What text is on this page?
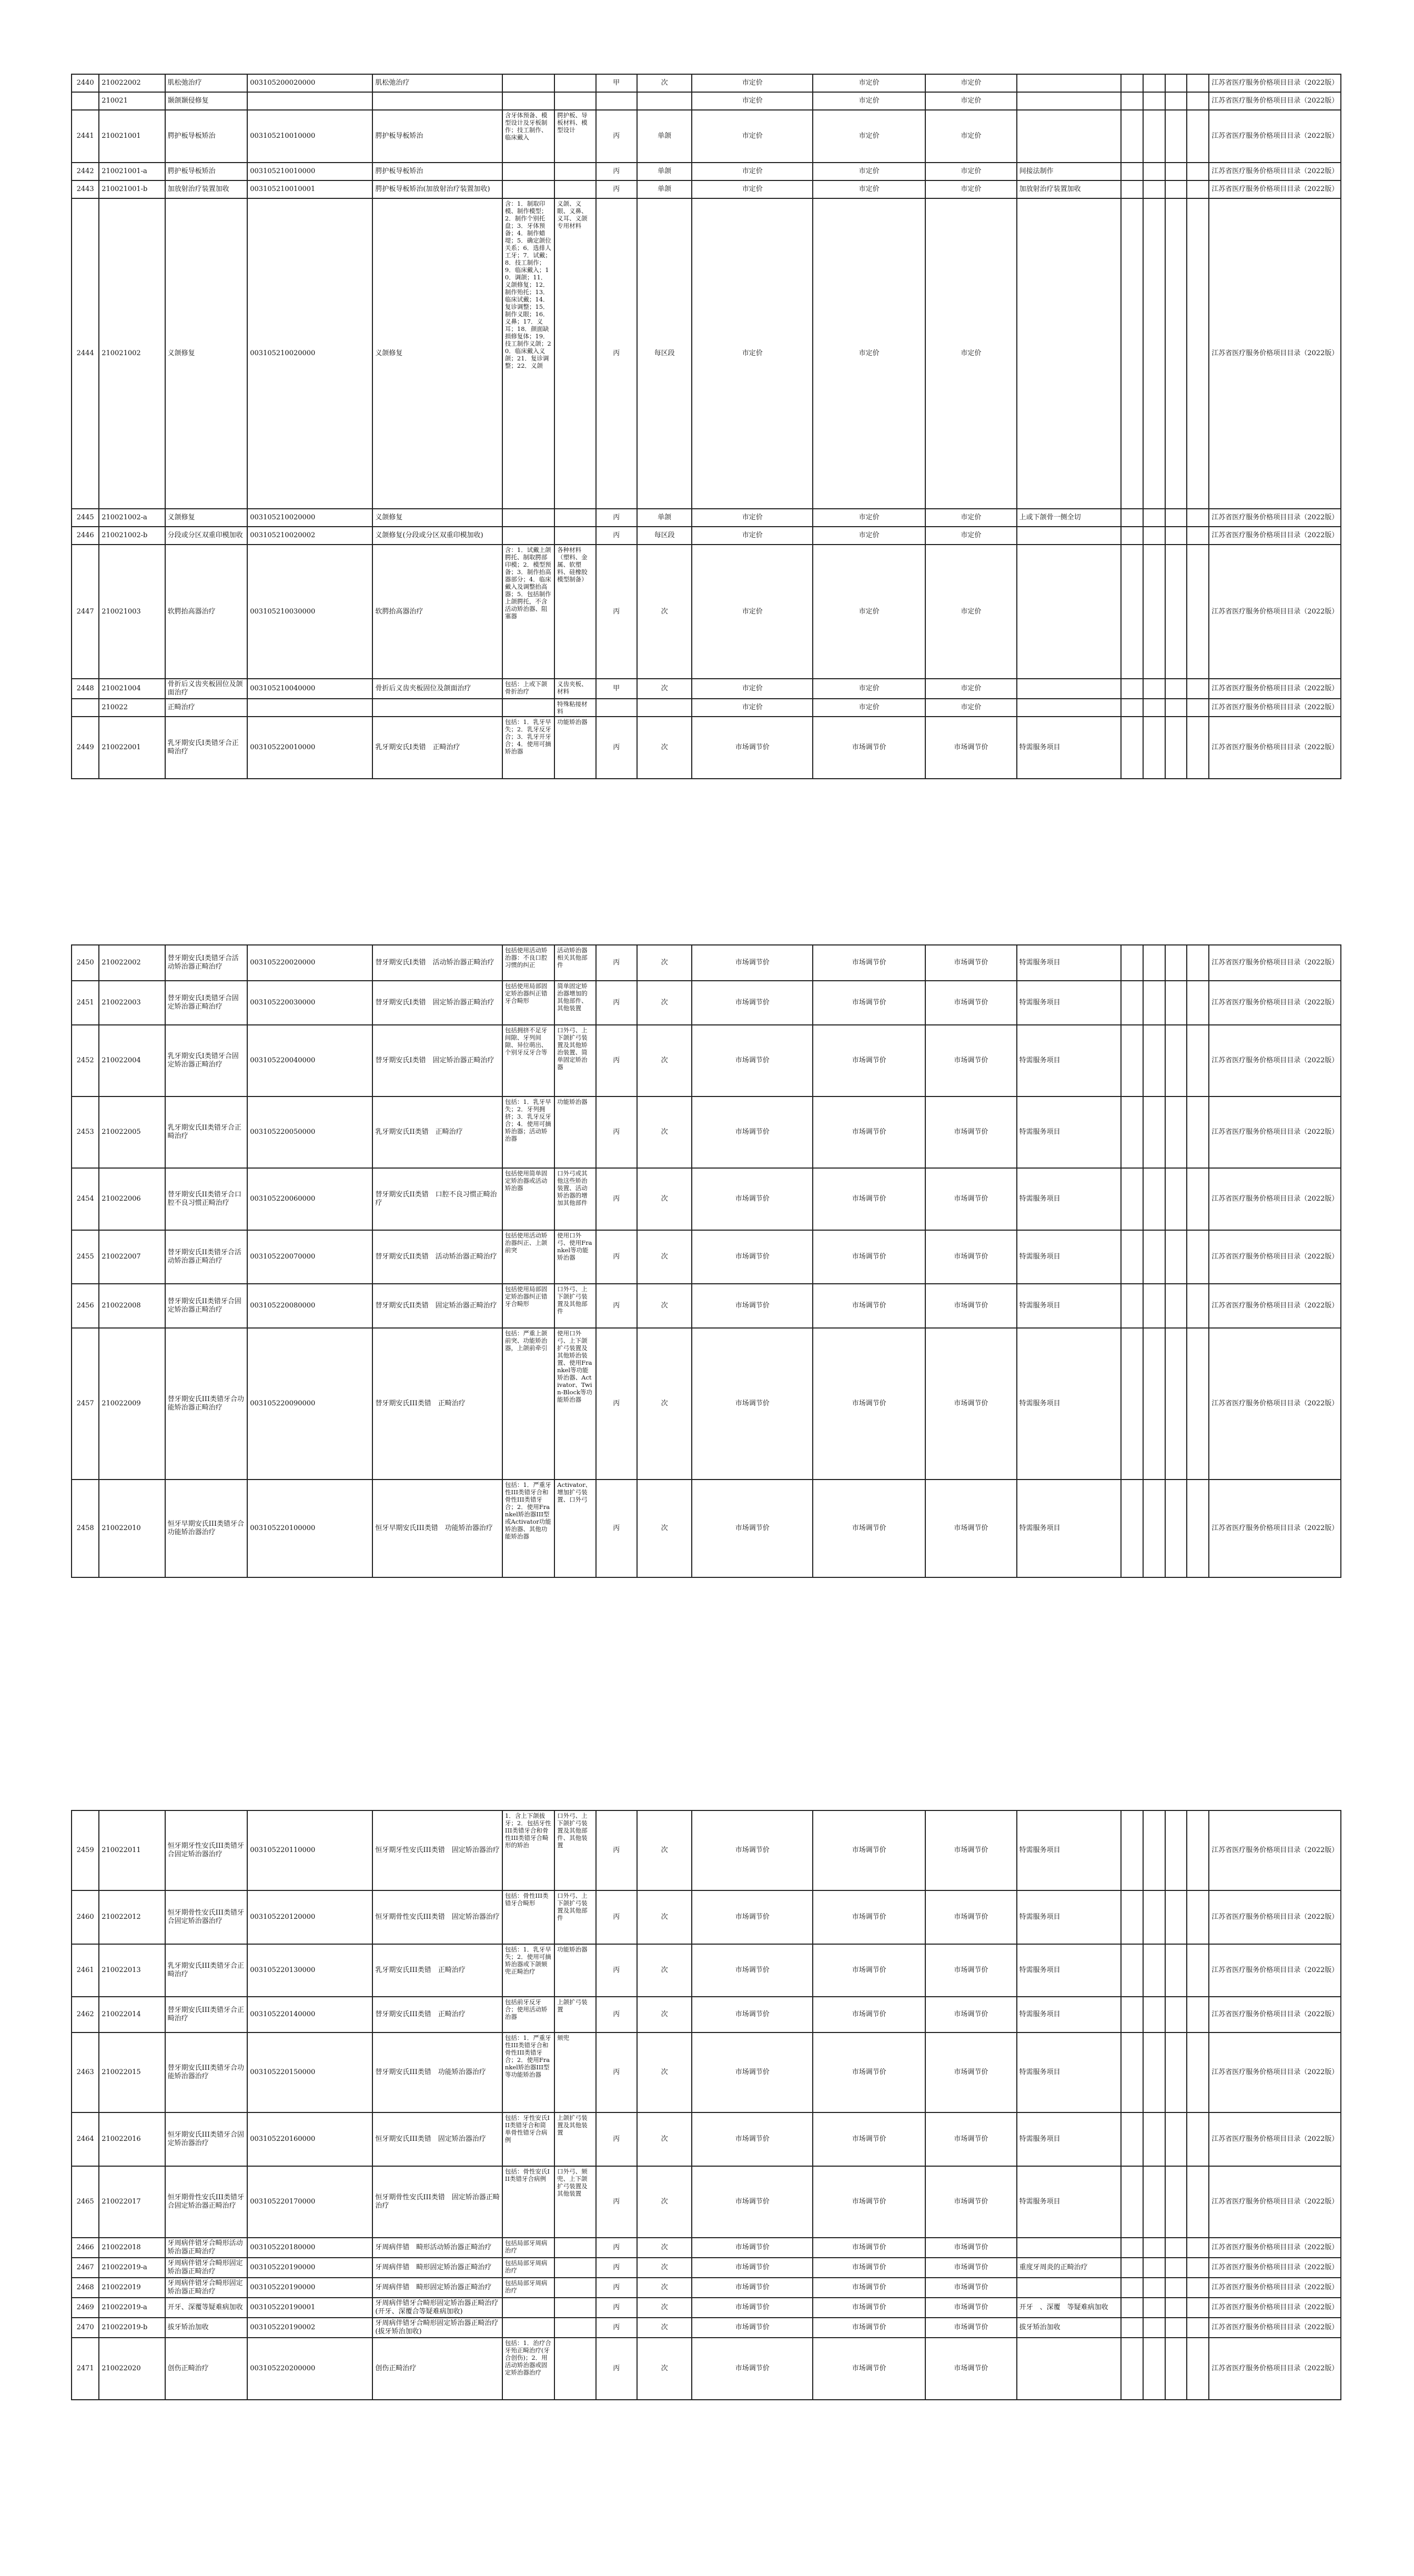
2440	210022002	肌松弛治疗	003105200020000	肌松弛治疗			甲	次	市定价	市定价	市定价						江苏省医疗服务价格项目目录（2022版）
	210021	颞颌颞侵修复							市定价	市定价	市定价						江苏省医疗服务价格项目目录（2022版）
2441	210021001	腭护板导板矫治	003105210010000	腭护板导板矫治	含牙体预备、模型设计及牙板制作；技工制作、临床戴入	腭护板、导板材料、模型设计	丙	单颌	市定价	市定价	市定价						江苏省医疗服务价格项目目录（2022版）
2442	210021001-a	腭护板导板矫治	003105210010000	腭护板导板矫治			丙	单颌	市定价	市定价	市定价	间接法制作					江苏省医疗服务价格项目目录（2022版）
2443	210021001-b	加放射治疗装置加收	003105210010001	腭护板导板矫治(加放射治疗装置加收)			丙	单颌	市定价	市定价	市定价	加放射治疗装置加收					江苏省医疗服务价格项目目录（2022版）
2444	210021002	义颌修复	003105210020000	义颌修复	含：1．制取印模、制作模型；2．制作个别托盘；3．牙体预备；4．制作蜡堤；5．确定颌位关系；6．选排人工牙；7．试戴；8．技工制作；9．临床戴入；10．调颌；11．义颌修复；12．制作殆托；13．临床试戴；14．复诊调整；15．制作义眼；16．义鼻；17．义耳；18．颜面缺损修复体；19．技工制作义颌；20．临床戴入义颌；21．复诊调整；22．义颌	义颌、义眼、义鼻、义耳、义颌专用材料	丙	每区段	市定价	市定价	市定价						江苏省医疗服务价格项目目录（2022版）
2445	210021002-a	义颌修复	003105210020000	义颌修复			丙	单颌	市定价	市定价	市定价	上或下颌骨一侧全切					江苏省医疗服务价格项目目录（2022版）
2446	210021002-b	分段或分区双重印模加收	003105210020002	义颌修复(分段或分区双重印模加收)			丙	每区段	市定价	市定价	市定价						江苏省医疗服务价格项目目录（2022版）
2447	210021003	软腭抬高器治疗	003105210030000	软腭抬高器治疗	含：1．试戴上颌腭托、制取腭部印模；2．模型预备；3．制作抬高器部分；4．临床戴入及调整抬高器；5．包括制作上颌腭托，不含活动矫治器、阻塞器	各种材料（塑料、金属、软塑料、硅橡胶模型制备）	丙	次	市定价	市定价	市定价						江苏省医疗服务价格项目目录（2022版）
2448	210021004	骨折后义齿夹板固位及颌面治疗	003105210040000	骨折后义齿夹板固位及颌面治疗	包括：上或下颌骨折治疗	义齿夹板、材料	甲	次	市定价	市定价	市定价						江苏省医疗服务价格项目目录（2022版）
	210022	正畸治疗				特殊粘接材料			市定价	市定价	市定价						江苏省医疗服务价格项目目录（2022版）
2449	210022001	乳牙期安氏I类错牙合正畸治疗	003105220010000	乳牙期安氏I类错　正畸治疗	包括：1．乳牙早失；2．乳牙反牙合；3．乳牙开牙合；4．使用可摘矫治器	功能矫治器	丙	次	市场调节价	市场调节价	市场调节价	特需服务项目					江苏省医疗服务价格项目目录（2022版）
2450	210022002	替牙期安氏I类错牙合活动矫治器正畸治疗	003105220020000	替牙期安氏I类错　活动矫治器正畸治疗	包括使用活动矫治器：不良口腔习惯的纠正	活动矫治器相关其他部件	丙	次	市场调节价	市场调节价	市场调节价	特需服务项目					江苏省医疗服务价格项目目录（2022版）
2451	210022003	替牙期安氏I类错牙合固定矫治器正畸治疗	003105220030000	替牙期安氏I类错　固定矫治器正畸治疗	包括使用局部固定矫治器纠正错牙合畸形	简单固定矫治器增加的其他部件、其他装置	丙	次	市场调节价	市场调节价	市场调节价	特需服务项目					江苏省医疗服务价格项目目录（2022版）
2452	210022004	乳牙期安氏I类错牙合固定矫治器正畸治疗	003105220040000	替牙期安氏I类错　固定矫治器正畸治疗	包括拥挤不足牙间隙、牙列间隙、异位萌出、个别牙反牙合等	口外弓、上下颌扩弓装置及其他矫治装置、简单固定矫治器	丙	次	市场调节价	市场调节价	市场调节价	特需服务项目					江苏省医疗服务价格项目目录（2022版）
2453	210022005	乳牙期安氏II类错牙合正畸治疗	003105220050000	乳牙期安氏II类错　正畸治疗	包括：1．乳牙早失；2．牙列拥挤；3．乳牙反牙合；4．使用可摘矫治器；活动矫治器	功能矫治器	丙	次	市场调节价	市场调节价	市场调节价	特需服务项目					江苏省医疗服务价格项目目录（2022版）
2454	210022006	替牙期安氏II类错牙合口腔不良习惯正畸治疗	003105220060000	替牙期安氏II类错　口腔不良习惯正畸治疗	包括使用简单固定矫治器或活动矫治器	口外弓或其他这些矫治装置、活动矫治器的增加其他部件	丙	次	市场调节价	市场调节价	市场调节价	特需服务项目					江苏省医疗服务价格项目目录（2022版）
2455	210022007	替牙期安氏II类错牙合活动矫治器正畸治疗	003105220070000	替牙期安氏II类错　活动矫治器正畸治疗	包括使用活动矫治器纠正、上颌前突	使用口外弓、使用Frankel等功能矫治器	丙	次	市场调节价	市场调节价	市场调节价	特需服务项目					江苏省医疗服务价格项目目录（2022版）
2456	210022008	替牙期安氏II类错牙合固定矫治器正畸治疗	003105220080000	替牙期安氏II类错　固定矫治器正畸治疗	包括使用局部固定矫治器纠正错牙合畸形	口外弓、上下颌扩弓装置及其他部件	丙	次	市场调节价	市场调节价	市场调节价	特需服务项目					江苏省医疗服务价格项目目录（2022版）
2457	210022009	替牙期安氏III类错牙合功能矫治器正畸治疗	003105220090000	替牙期安氏III类错　正畸治疗	包括：严重上颌前突、功能矫治器，上颌前牵引	使用口外弓、上下颌扩弓装置及其他矫治装置、使用Frankel等功能矫治器、Activator、Twin-Block等功能矫治器	丙	次	市场调节价	市场调节价	市场调节价	特需服务项目					江苏省医疗服务价格项目目录（2022版）
2458	210022010	恒牙早期安氏III类错牙合功能矫治器治疗	003105220100000	恒牙早期安氏III类错　功能矫治器治疗	包括：1．严重牙性III类错牙合和骨性III类错牙合；2．使用Frankel矫治器III型或Activator功能矫治器、其他功能矫治器	Activator、增加扩弓装置、口外弓	丙	次	市场调节价	市场调节价	市场调节价	特需服务项目					江苏省医疗服务价格项目目录（2022版）
2459	210022011	恒牙期牙性安氏III类错牙合固定矫治器治疗	003105220110000	恒牙期牙性安氏III类错　固定矫治器治疗	1．含上下颌拔牙；2．包括牙性III类错牙合和骨性III类错牙合畸形的矫治	口外弓、上下颌扩弓装置及其他部件、其他装置	丙	次	市场调节价	市场调节价	市场调节价	特需服务项目					江苏省医疗服务价格项目目录（2022版）
2460	210022012	恒牙期骨性安氏III类错牙合固定矫治器治疗	003105220120000	恒牙期骨性安氏III类错　固定矫治器治疗	包括：骨性III类错牙合畸形	口外弓、上下颌扩弓装置及其他部件	丙	次	市场调节价	市场调节价	市场调节价	特需服务项目					江苏省医疗服务价格项目目录（2022版）
2461	210022013	乳牙期安氏III类错牙合正畸治疗	003105220130000	乳牙期安氏III类错　正畸治疗	包括：1．乳牙早失；2．使用可摘矫治器或下颌颏兜正畸治疗	功能矫治器	丙	次	市场调节价	市场调节价	市场调节价	特需服务项目					江苏省医疗服务价格项目目录（2022版）
2462	210022014	替牙期安氏III类错牙合正畸治疗	003105220140000	替牙期安氏III类错　正畸治疗	包括前牙反牙合；使用活动矫治器	上颌扩弓装置	丙	次	市场调节价	市场调节价	市场调节价	特需服务项目					江苏省医疗服务价格项目目录（2022版）
2463	210022015	替牙期安氏III类错牙合功能矫治器治疗	003105220150000	替牙期安氏III类错　功能矫治器治疗	包括：1．严重牙性III类错牙合和骨性III类错牙合；2．使用Frankel矫治器III型等功能矫治器	颏兜	丙	次	市场调节价	市场调节价	市场调节价	特需服务项目					江苏省医疗服务价格项目目录（2022版）
2464	210022016	恒牙期安氏III类错牙合固定矫治器治疗	003105220160000	恒牙期安氏III类错　固定矫治器治疗	包括：牙性安氏III类错牙合和简单骨性错牙合病例	上颌扩弓装置及其他装置	丙	次	市场调节价	市场调节价	市场调节价	特需服务项目					江苏省医疗服务价格项目目录（2022版）
2465	210022017	恒牙期骨性安氏III类错牙合固定矫治器正畸治疗	003105220170000	恒牙期骨性安氏III类错　固定矫治器正畸治疗	包括：骨性安氏III类错牙合病例	口外弓、颏兜、上下颌扩弓装置及其他装置	丙	次	市场调节价	市场调节价	市场调节价	特需服务项目					江苏省医疗服务价格项目目录（2022版）
2466	210022018	牙周病伴错牙合畸形活动矫治器正畸治疗	003105220180000	牙周病伴错　畸形活动矫治器正畸治疗	包括局部牙周病治疗		丙	次	市场调节价	市场调节价	市场调节价						江苏省医疗服务价格项目目录（2022版）
2467	210022019-a	牙周病伴错牙合畸形固定矫治器正畸治疗	003105220190000	牙周病伴错　畸形固定矫治器正畸治疗	包括局部牙周病治疗		丙	次	市场调节价	市场调节价	市场调节价	重度牙周炎的正畸治疗					江苏省医疗服务价格项目目录（2022版）
2468	210022019	牙周病伴错牙合畸形固定矫治器正畸治疗	003105220190000	牙周病伴错　畸形固定矫治器正畸治疗	包括局部牙周病治疗		丙	次	市场调节价	市场调节价	市场调节价						江苏省医疗服务价格项目目录（2022版）
2469	210022019-a	开牙、深覆等疑难病加收	003105220190001	牙周病伴错牙合畸形固定矫治器正畸治疗(开牙、深覆合等疑难病加收)			丙	次	市场调节价	市场调节价	市场调节价	开牙　、深覆　等疑难病加收					江苏省医疗服务价格项目目录（2022版）
2470	210022019-b	拔牙矫治加收	003105220190002	牙周病伴错牙合畸形固定矫治器正畸治疗(拔牙矫治加收)			丙	次	市场调节价	市场调节价	市场调节价	拔牙矫治加收					江苏省医疗服务价格项目目录（2022版）
2471	210022020	创伤正畸治疗	003105220200000	创伤正畸治疗	包括：1．治疗合牙殆正畸治疗(牙合创伤)；2．用活动矫治器或固定矫治器治疗		丙	次	市场调节价	市场调节价	市场调节价						江苏省医疗服务价格项目目录（2022版）
